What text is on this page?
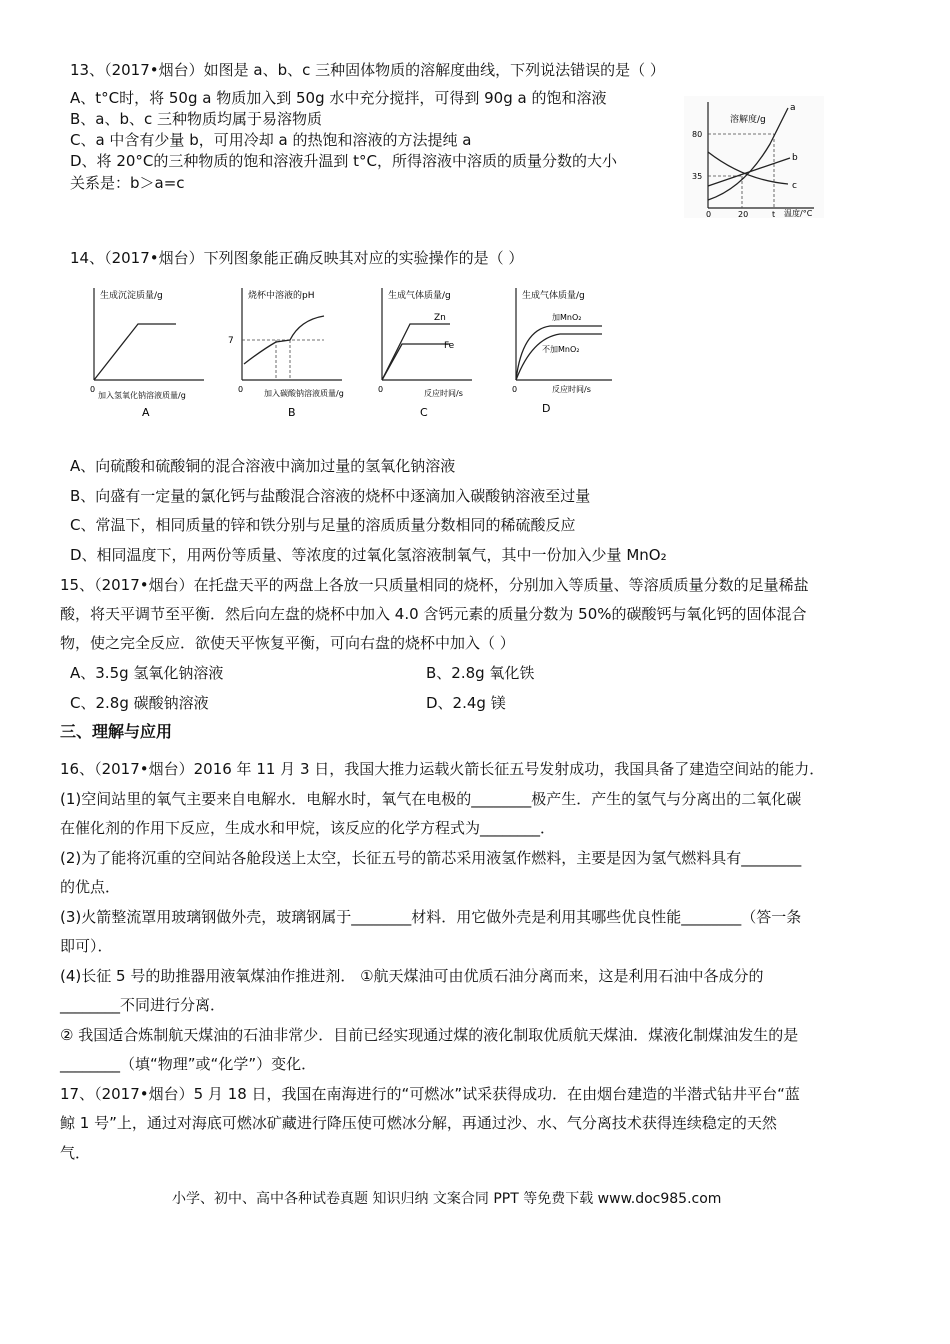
13、（2017•烟台）如图是 a、b、c 三种固体物质的溶解度曲线，下列说法错误的是（ ）
A、t°C时，将 50g a 物质加入到 50g 水中充分搅拌，可得到 90g a 的饱和溶液
B、a、b、c 三种物质均属于易溶物质
C、a 中含有少量 b，可用冷却 a 的热饱和溶液的方法提纯 a
D、将 20°C的三种物质的饱和溶液升温到 t°C，所得溶液中溶质的质量分数的大小
关系是：b＞a=c
溶解度/g
温度/°C
0	20	t
80
35
a
b
c
14、（2017•烟台）下列图象能正确反映其对应的实验操作的是（ ）
生成沉淀质量/g
加入氢氧化钠溶液质量/g
0
A
烧杯中溶液的pH
加入碳酸钠溶液质量/g
0
7
B
生成气体质量/g
反应时间/s
0
Zn
Fe
C
生成气体质量/g
反应时间/s
0
加MnO₂
不加MnO₂
D
A、向硫酸和硫酸铜的混合溶液中滴加过量的氢氧化钠溶液
B、向盛有一定量的氯化钙与盐酸混合溶液的烧杯中逐滴加入碳酸钠溶液至过量
C、常温下，相同质量的锌和铁分别与足量的溶质质量分数相同的稀硫酸反应
D、相同温度下，用两份等质量、等浓度的过氧化氢溶液制氧气，其中一份加入少量 MnO₂
15、（2017•烟台）在托盘天平的两盘上各放一只质量相同的烧杯，分别加入等质量、等溶质质量分数的足量稀盐
酸，将天平调节至平衡．然后向左盘的烧杯中加入 4.0 含钙元素的质量分数为 50%的碳酸钙与氧化钙的固体混合
物，使之完全反应．欲使天平恢复平衡，可向右盘的烧杯中加入（ ）
A、3.5g 氢氧化钠溶液	B、2.8g 氧化铁
C、2.8g 碳酸钠溶液	D、2.4g 镁
三、理解与应用
16、（2017•烟台）2016 年 11 月 3 日，我国大推力运载火箭长征五号发射成功，我国具备了建造空间站的能力．
(1)空间站里的氧气主要来自电解水．电解水时，氧气在电极的________极产生．产生的氢气与分离出的二氧化碳
在催化剂的作用下反应，生成水和甲烷，该反应的化学方程式为________．
(2)为了能将沉重的空间站各舱段送上太空，长征五号的箭芯采用液氢作燃料，主要是因为氢气燃料具有________
的优点．
(3)火箭整流罩用玻璃钢做外壳，玻璃钢属于________材料．用它做外壳是利用其哪些优良性能________（答一条
即可）．
(4)长征 5 号的助推器用液氧煤油作推进剂． ①航天煤油可由优质石油分离而来，这是利用石油中各成分的
________不同进行分离．
② 我国适合炼制航天煤油的石油非常少．目前已经实现通过煤的液化制取优质航天煤油．煤液化制煤油发生的是
________（填“物理”或“化学”）变化．
17、（2017•烟台）5 月 18 日，我国在南海进行的“可燃冰”试采获得成功．在由烟台建造的半潜式钻井平台“蓝
鲸 1 号”上，通过对海底可燃冰矿藏进行降压使可燃冰分解，再通过沙、水、气分离技术获得连续稳定的天然
气．
小学、初中、高中各种试卷真题 知识归纳 文案合同 PPT 等免费下载 www.doc985.com
